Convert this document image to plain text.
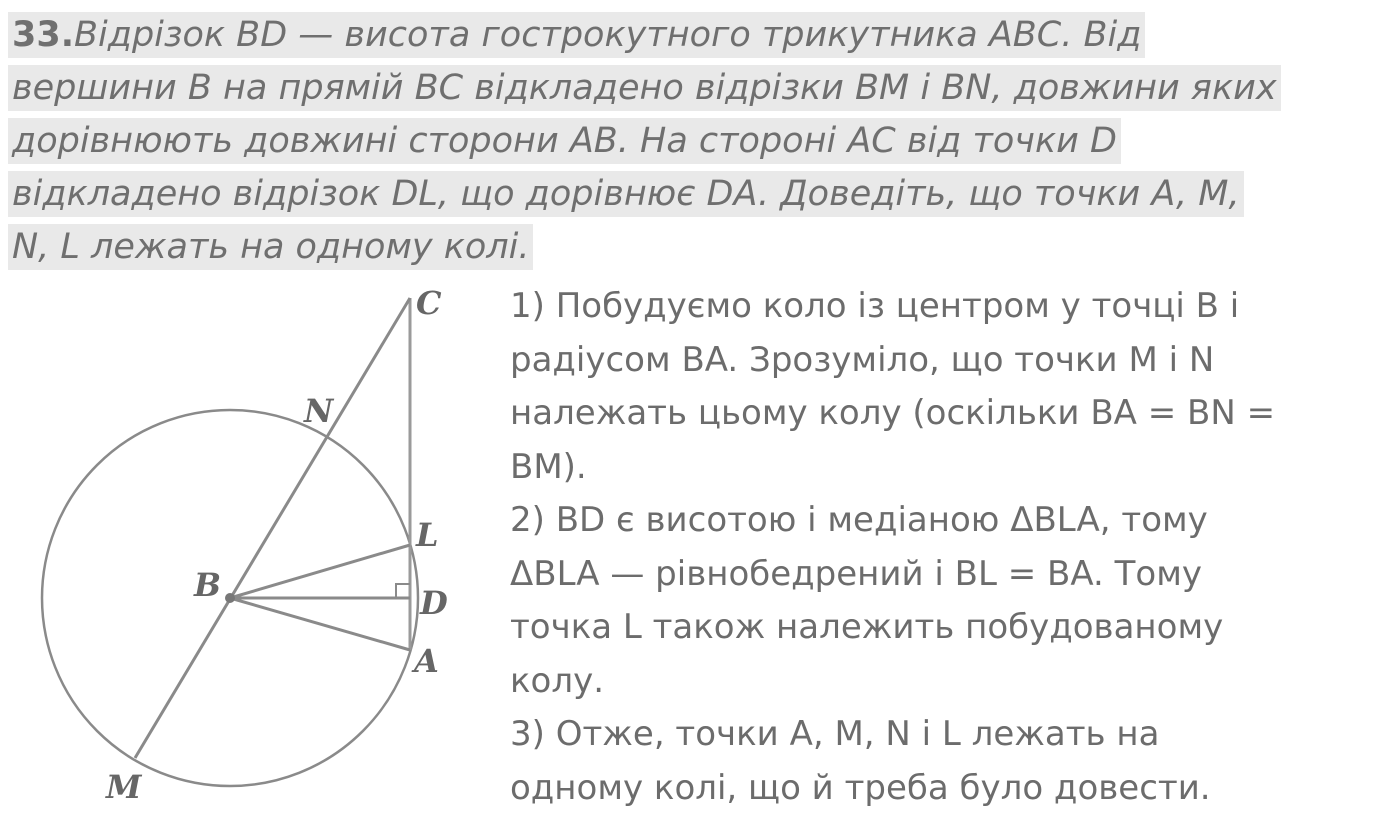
33.Відрізок BD — висота гострокутного трикутника ABC. Від
вершини B на прямій BC відкладено відрізки BM і BN, довжини яких
дорівнюють довжині сторони AB. На стороні AC від точки D
відкладено відрізок DL, що дорівнює DA. Доведіть, що точки A, M,
N, L лежать на одному колі.
C
N
L
B	D
A
M
1) Побудуємо коло із центром у точці B і
радіусом BA. Зрозуміло, що точки M і N
належать цьому колу (оскільки BA = BN =
BM).
2) BD є висотою і медіаною ΔBLA, тому
ΔBLA — рівнобедрений і BL = BA. Тому
точка L також належить побудованому
колу.
3) Отже, точки A, M, N і L лежать на
одному колі, що й треба було довести.
